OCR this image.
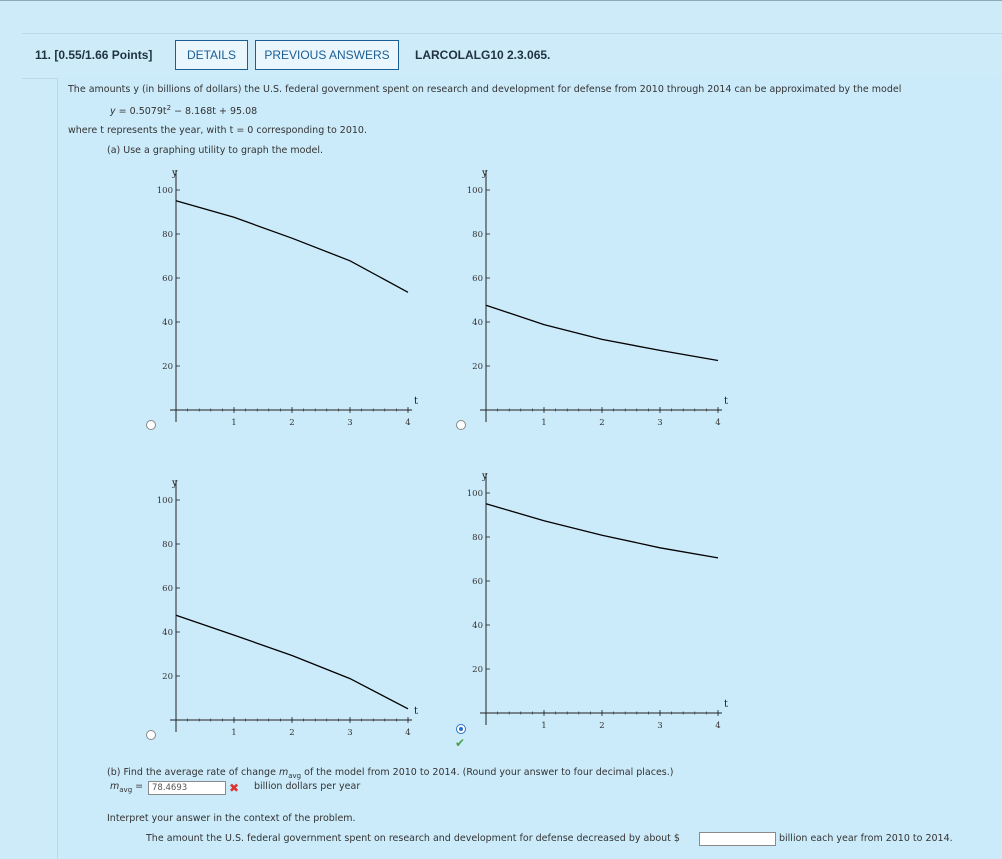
11. [0.55/1.66 Points]	DETAILS	PREVIOUS ANSWERS	LARCOLALG10 2.3.065.
The amounts y (in billions of dollars) the U.S. federal government spent on research and development for defense from 2010 through 2014 can be approximated by the model
$y = 0.5079t^2 - 8.168t + 95.08$
where t represents the year, with t = 0 corresponding to 2010.
(a) Use a graphing utility to graph the model.
y
t
20
40
60
80
100
1	2	3	4
y
t
20
40
60
80
100
1	2	3	4
y
t
20
40
60
80
100
1	2	3	4
y
t
20
40
60
80
100
1	2	3	4
✔
(b) Find the average rate of change $m_{avg}$ of the model from 2010 to 2014. (Round your answer to four decimal places.)
$m_{avg}$ =	78.4693	✖ billion dollars per year
Interpret your answer in the context of the problem.
The amount the U.S. federal government spent on research and development for defense decreased by about $	billion each year from 2010 to 2014.
